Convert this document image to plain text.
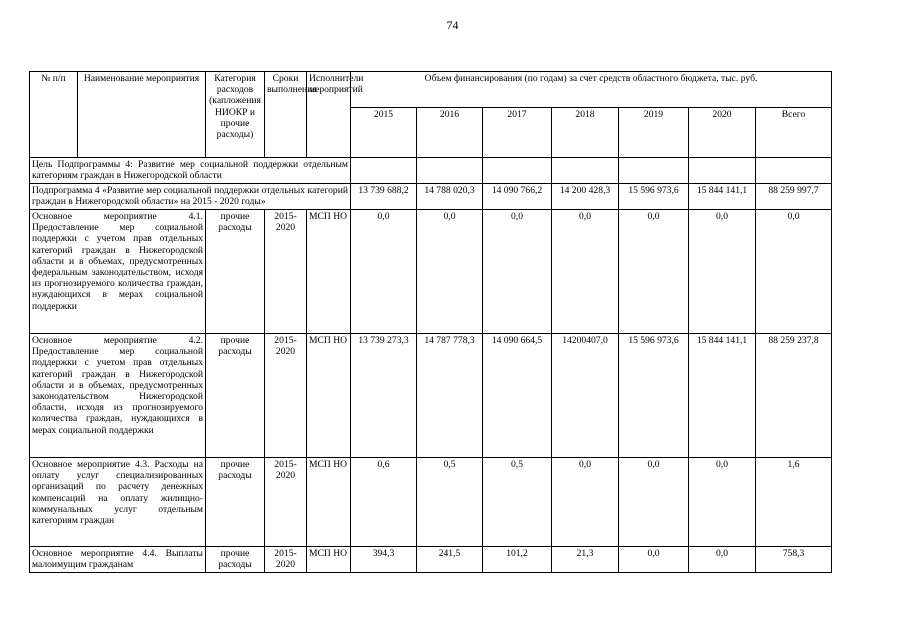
74
№ п/п	Наименование мероприятия	Категория расходов (капложения НИОКР и прочие расходы)	Сроки выполнения	Исполнители мероприятий	Объем финансирования (по годам) за счет средств областного бюджета, тыс. руб.						
					2015	2016	2017	2018	2019	2020	Всего
Цель Подпрограммы 4: Развитие мер социальной поддержки отдельным категориям граждан в Нижегородской области											
Подпрограмма 4 «Развитие мер социальной поддержки отдельных категорий граждан в Нижегородской области» на 2015 - 2020 годы»					13 739 688,2	14 788 020,3	14 090 766,2	14 200 428,3	15 596 973,6	15 844 141,1	88 259 997,7
Основное мероприятие 4.1. Предоставление мер социальной поддержки с учетом прав отдельных категорий граждан в Нижегородской области и в объемах, предусмотренных федеральным законодательством, исходя из прогнозируемого количества граждан, нуждающихся в мерах социальной поддержки		прочие расходы	2015-2020	МСП НО	0,0	0,0	0,0	0,0	0,0	0,0	0,0
Основное мероприятие 4.2. Предоставление мер социальной поддержки с учетом прав отдельных категорий граждан в Нижегородской области и в объемах, предусмотренных законодательством Нижегородской области, исходя из прогнозируемого количества граждан, нуждающихся в мерах социальной поддержки		прочие расходы	2015-2020	МСП НО	13 739 273,3	14 787 778,3	14 090 664,5	14200407,0	15 596 973,6	15 844 141,1	88 259 237,8
Основное мероприятие 4.3. Расходы на оплату услуг специализированных организаций по расчету денежных компенсаций на оплату жилищно-коммунальных услуг отдельным категориям граждан		прочие расходы	2015-2020	МСП НО	0,6	0,5	0,5	0,0	0,0	0,0	1,6
Основное мероприятие 4.4. Выплаты малоимущим гражданам		прочие расходы	2015-2020	МСП НО	394,3	241,5	101,2	21,3	0,0	0,0	758,3
